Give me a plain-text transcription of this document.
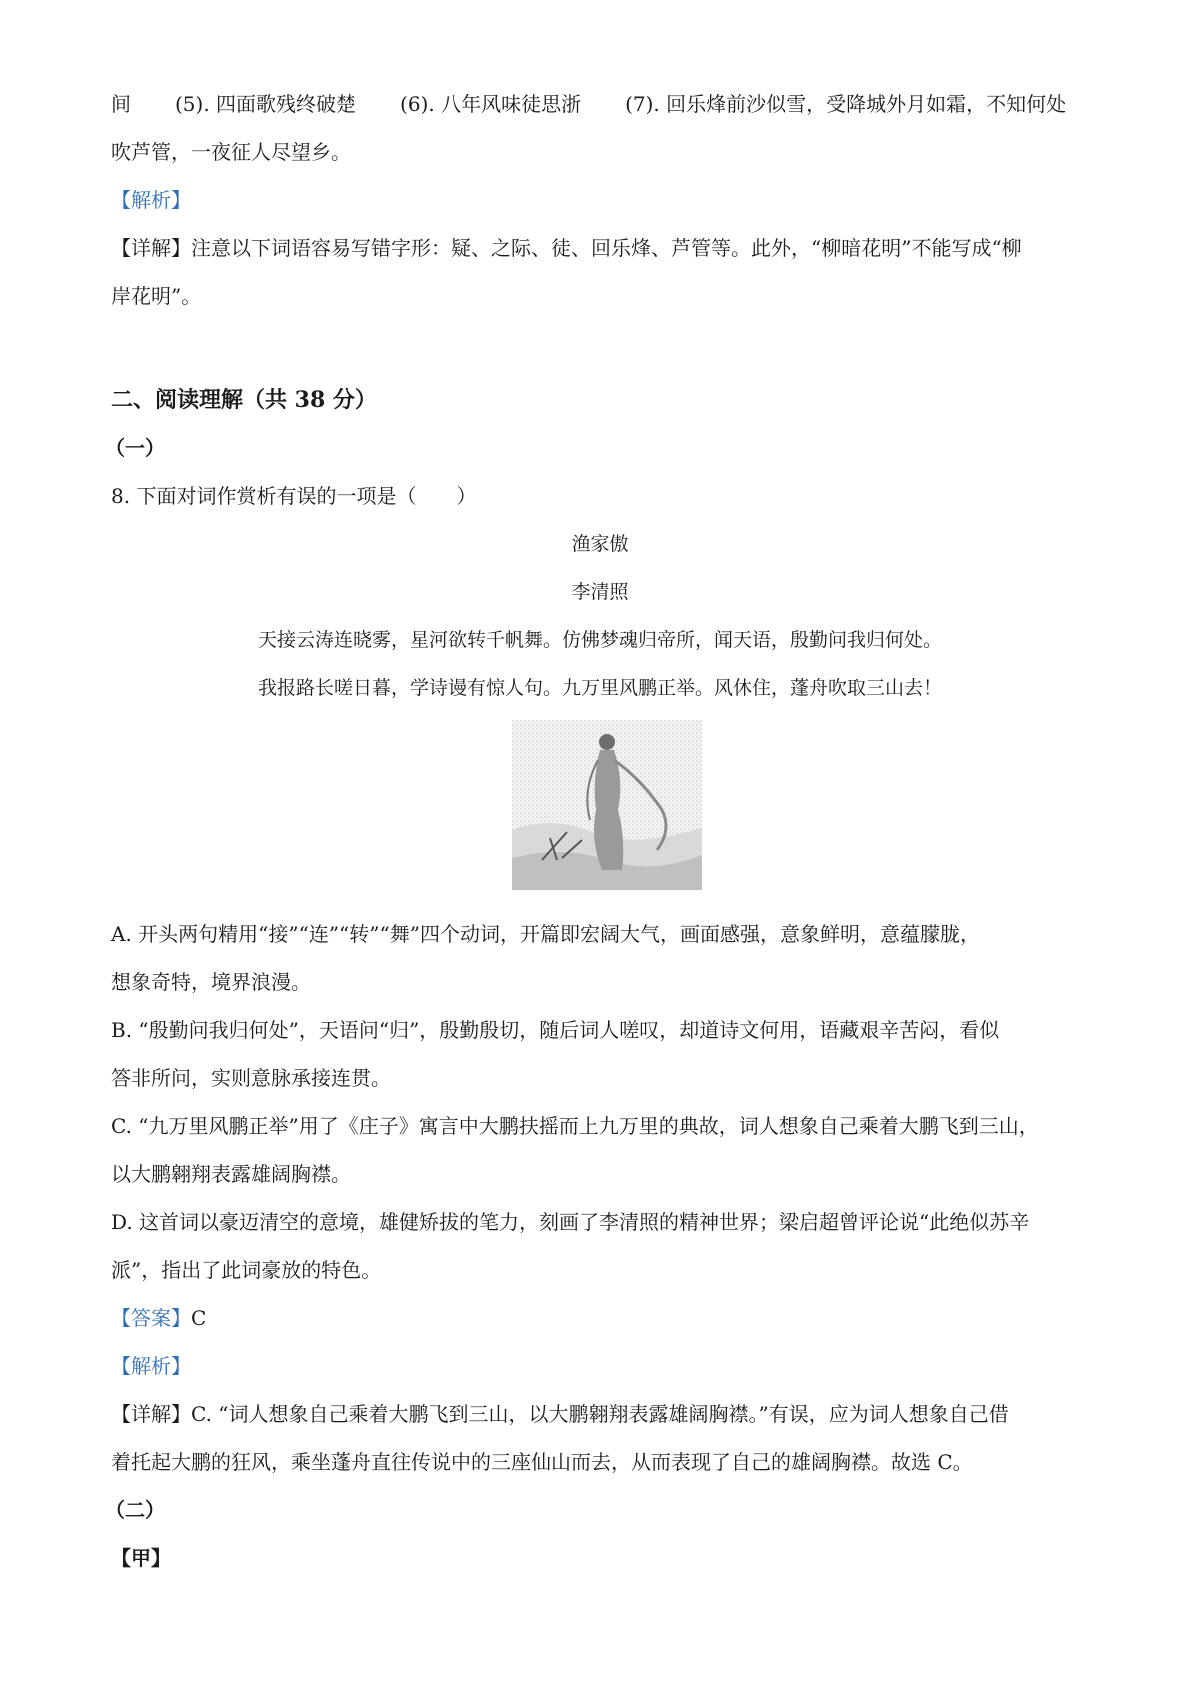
间 (5). 四面歌残终破楚 (6). 八年风味徒思浙 (7). 回乐烽前沙似雪，受降城外月如霜，不知何处
吹芦管，一夜征人尽望乡。
【解析】
【详解】注意以下词语容易写错字形：疑、之际、徒、回乐烽、芦管等。此外，“柳暗花明”不能写成“柳
岸花明”。
二、阅读理解（共 38 分）
（一）
8. 下面对词作赏析有误的一项是（　　）
渔家傲
李清照
天接云涛连晓雾，星河欲转千帆舞。仿佛梦魂归帝所，闻天语，殷勤问我归何处。
我报路长嗟日暮，学诗谩有惊人句。九万里风鹏正举。风休住，蓬舟吹取三山去！
A. 开头两句精用“接”“连”“转”“舞”四个动词，开篇即宏阔大气，画面感强，意象鲜明，意蕴朦胧，
想象奇特，境界浪漫。
B. “殷勤问我归何处”，天语问“归”，殷勤殷切，随后词人嗟叹，却道诗文何用，语藏艰辛苦闷，看似
答非所问，实则意脉承接连贯。
C. “九万里风鹏正举”用了《庄子》寓言中大鹏扶摇而上九万里的典故，词人想象自己乘着大鹏飞到三山，
以大鹏翱翔表露雄阔胸襟。
D. 这首词以豪迈清空的意境，雄健矫拔的笔力，刻画了李清照的精神世界；梁启超曾评论说“此绝似苏辛
派”，指出了此词豪放的特色。
【答案】C
【解析】
【详解】C. “词人想象自己乘着大鹏飞到三山，以大鹏翱翔表露雄阔胸襟。”有误，应为词人想象自己借
着托起大鹏的狂风，乘坐蓬舟直往传说中的三座仙山而去，从而表现了自己的雄阔胸襟。故选 C。
（二）
【甲】
